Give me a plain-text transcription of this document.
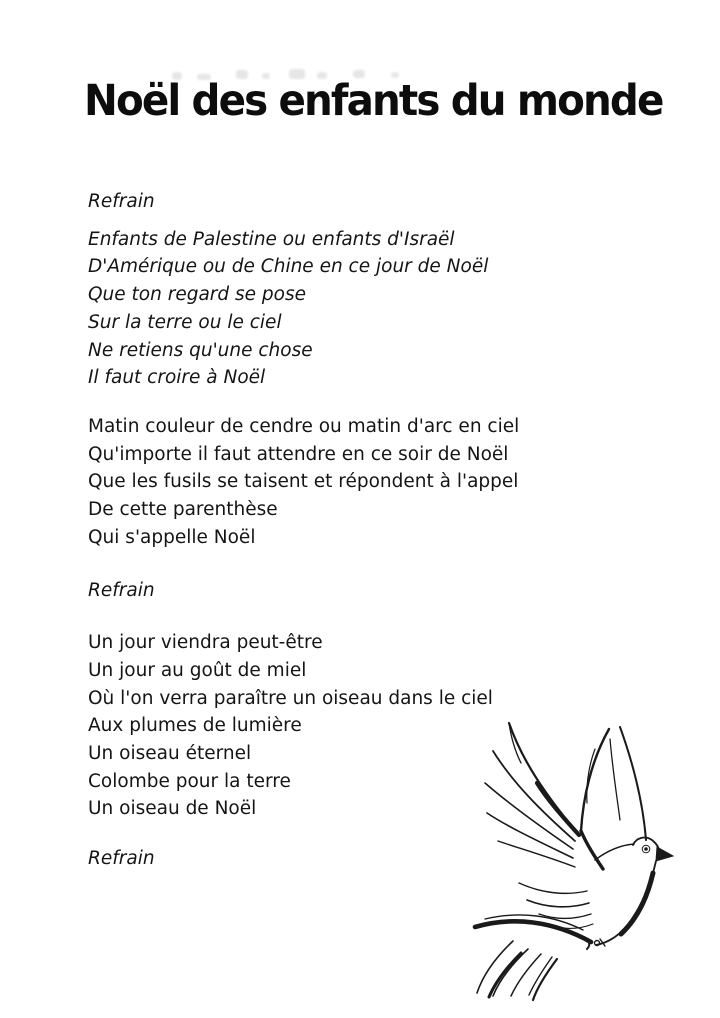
Noël des enfants du monde
Refrain
Enfants de Palestine ou enfants d'Israël
D'Amérique ou de Chine en ce jour de Noël
Que ton regard se pose
Sur la terre ou le ciel
Ne retiens qu'une chose
Il faut croire à Noël
Matin couleur de cendre ou matin d'arc en ciel
Qu'importe il faut attendre en ce soir de Noël
Que les fusils se taisent et répondent à l'appel
De cette parenthèse
Qui s'appelle Noël
Refrain
Un jour viendra peut-être
Un jour au goût de miel
Où l'on verra paraître un oiseau dans le ciel
Aux plumes de lumière
Un oiseau éternel
Colombe pour la terre
Un oiseau de Noël
Refrain
